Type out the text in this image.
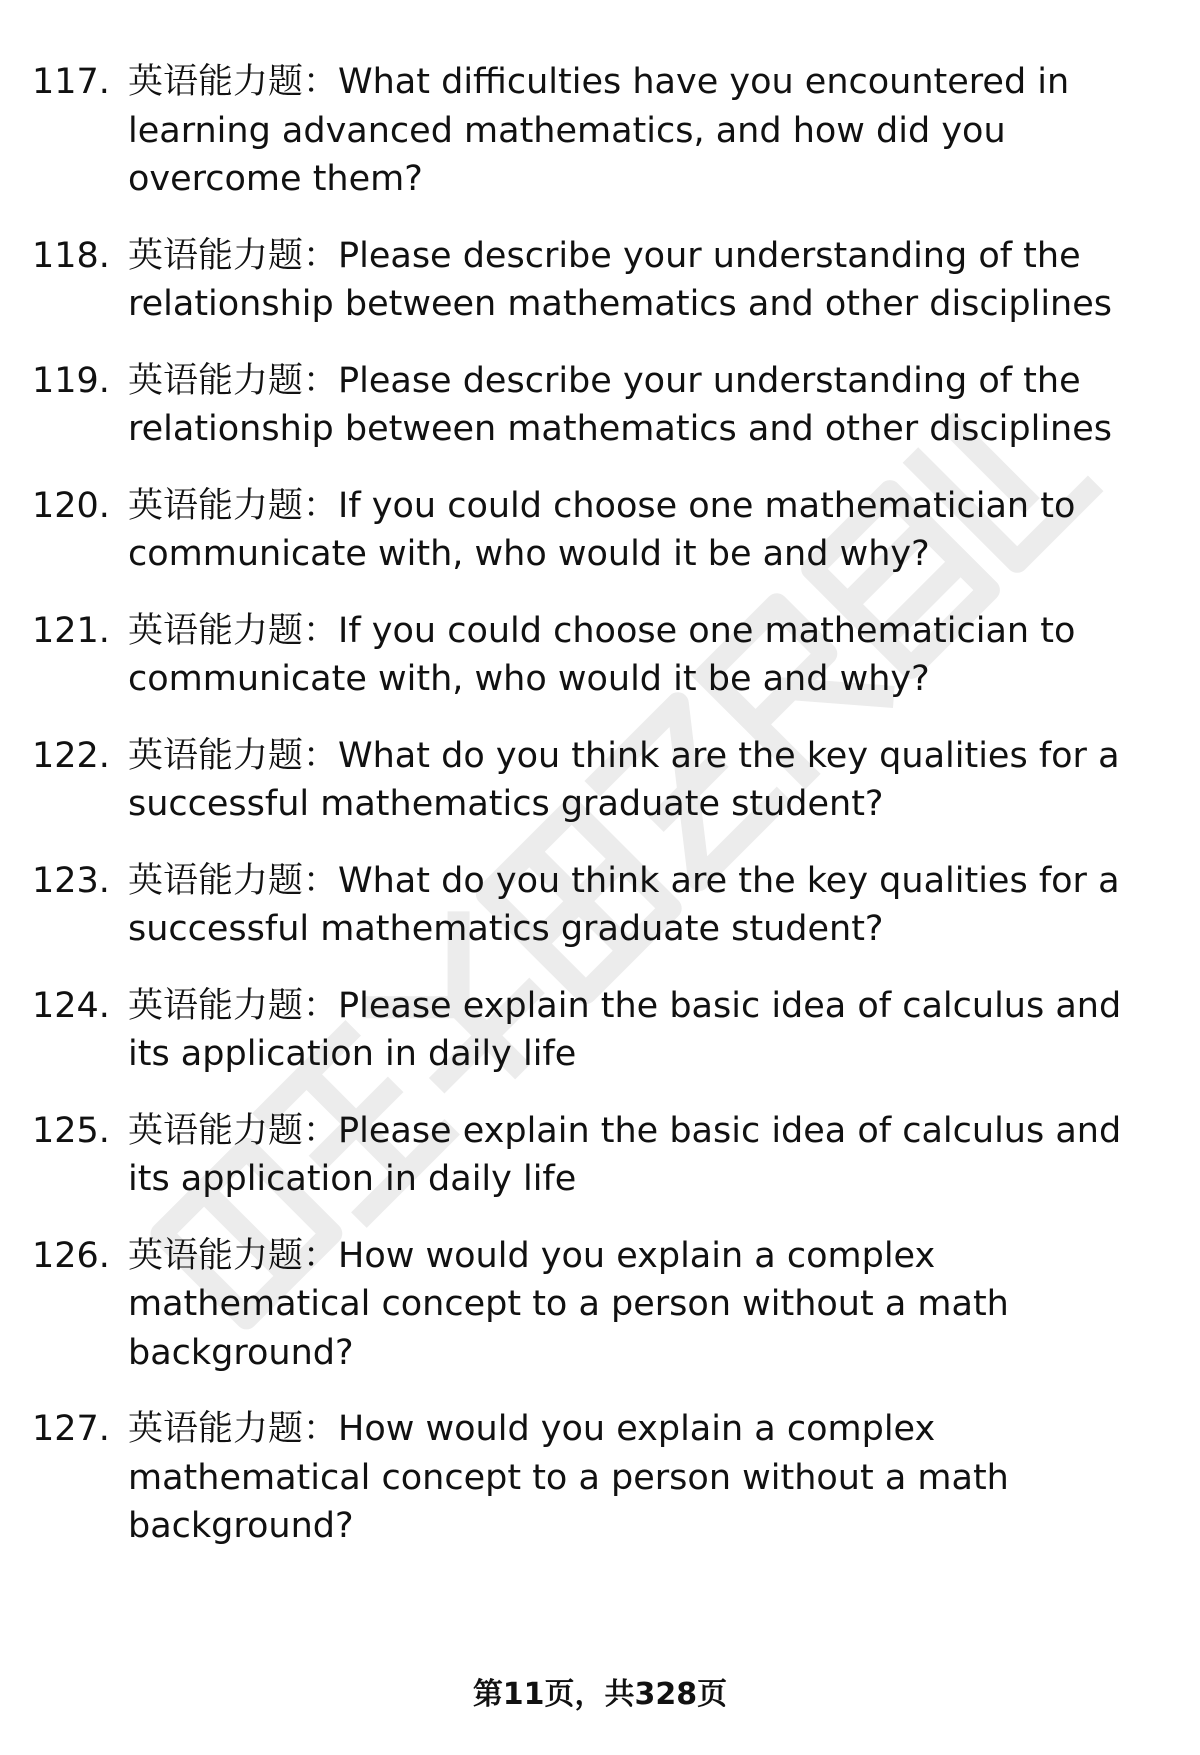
117. 英语能力题：What difficulties have you encountered in learning advanced mathematics, and how did you overcome them?
118. 英语能力题：Please describe your understanding of the relationship between mathematics and other disciplines
119. 英语能力题：Please describe your understanding of the relationship between mathematics and other disciplines
120. 英语能力题：If you could choose one mathematician to communicate with, who would it be and why?
121. 英语能力题：If you could choose one mathematician to communicate with, who would it be and why?
122. 英语能力题：What do you think are the key qualities for a successful mathematics graduate student?
123. 英语能力题：What do you think are the key qualities for a successful mathematics graduate student?
124. 英语能力题：Please explain the basic idea of calculus and its application in daily life
125. 英语能力题：Please explain the basic idea of calculus and its application in daily life
126. 英语能力题：How would you explain a complex mathematical concept to a person without a math background?
127. 英语能力题：How would you explain a complex mathematical concept to a person without a math background?
第11页，共328页
